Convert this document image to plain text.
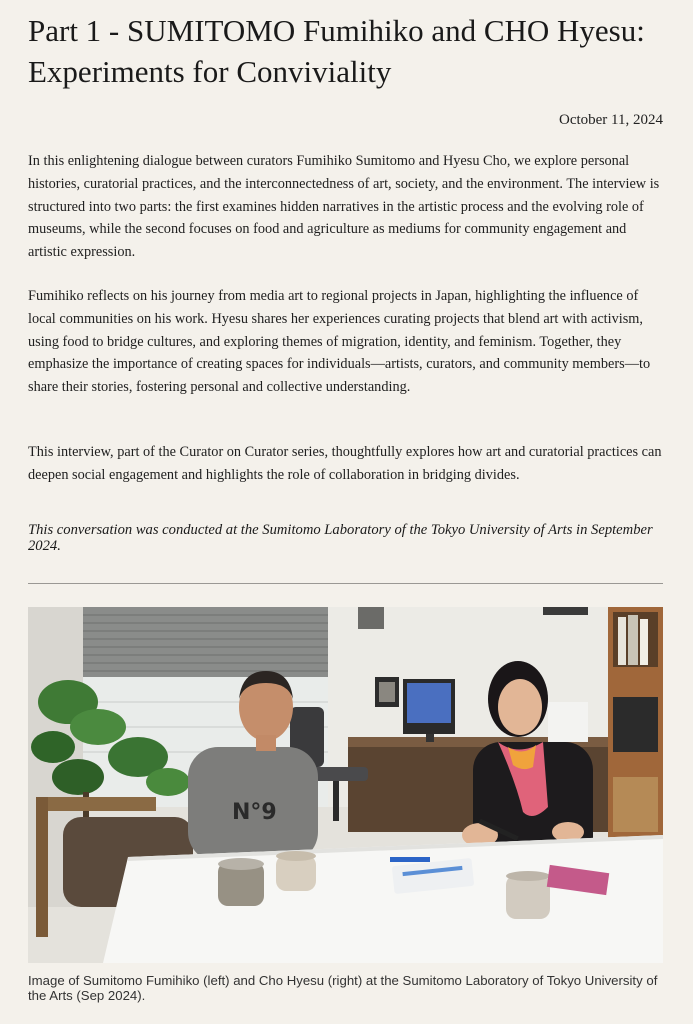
Part 1 - SUMITOMO Fumihiko and CHO Hyesu: Experiments for Conviviality
October 11, 2024

In this enlightening dialogue between curators Fumihiko Sumitomo and Hyesu Cho, we explore personal histories, curatorial practices, and the interconnectedness of art, society, and the environment. The interview is structured into two parts: the first examines hidden narratives in the artistic process and the evolving role of museums, while the second focuses on food and agriculture as mediums for community engagement and artistic expression.

Fumihiko reflects on his journey from media art to regional projects in Japan, highlighting the influence of local communities on his work. Hyesu shares her experiences curating projects that blend art with activism, using food to bridge cultures, and exploring themes of migration, identity, and feminism. Together, they emphasize the importance of creating spaces for individuals—artists, curators, and community members—to share their stories, fostering personal and collective understanding.

This interview, part of the Curator on Curator series, thoughtfully explores how art and curatorial practices can deepen social engagement and highlights the role of collaboration in bridging divides.

This conversation was conducted at the Sumitomo Laboratory of the Tokyo University of Arts in September 2024.

N°9

Image of Sumitomo Fumihiko (left) and Cho Hyesu (right) at the Sumitomo Laboratory of Tokyo University of the Arts (Sep 2024).
